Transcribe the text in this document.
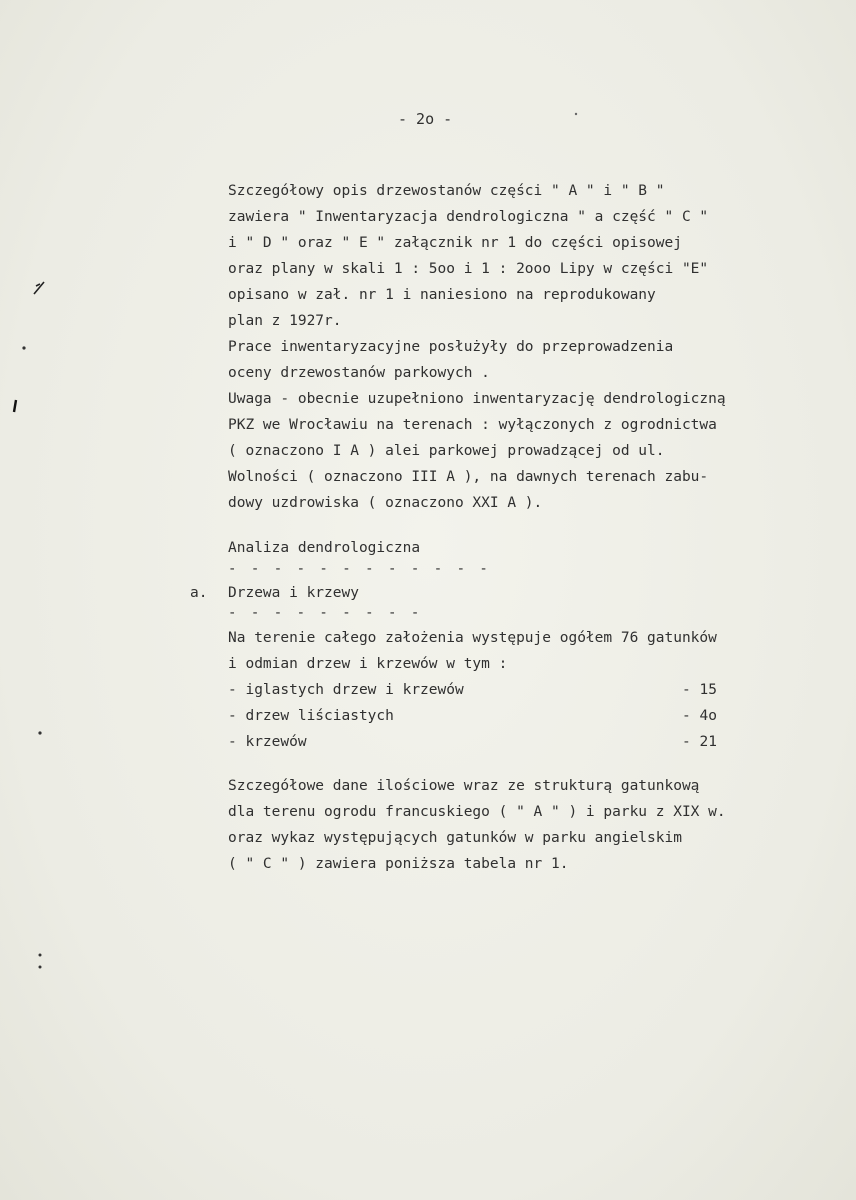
- 2o -
Szczegółowy opis drzewostanów części " A " i " B "
zawiera " Inwentaryzacja dendrologiczna " a część " C "
i " D " oraz " E " załącznik nr 1 do części opisowej
oraz plany w skali 1 : 5oo i 1 : 2ooo Lipy w części "E"
opisano w zał. nr 1 i naniesiono na reprodukowany
plan z 1927r.
Prace inwentaryzacyjne posłużyły do przeprowadzenia
oceny drzewostanów parkowych .
Uwaga - obecnie uzupełniono inwentaryzację dendrologiczną
PKZ we Wrocławiu na terenach : wyłączonych z ogrodnictwa
( oznaczono I A ) alei parkowej prowadzącej od ul.
Wolności ( oznaczono III A ), na dawnych terenach zabu-
dowy uzdrowiska ( oznaczono XXI A ).
Analiza dendrologiczna
- - - - - - - - - - - -
a. Drzewa i krzewy
- - - - - - - - -
Na terenie całego założenia występuje ogółem 76 gatunków
i odmian drzew i krzewów w tym :
- iglastych drzew i krzewów	- 15
- drzew liściastych	- 4o
- krzewów	- 21
Szczegółowe dane ilościowe wraz ze strukturą gatunkową
dla terenu ogrodu francuskiego ( " A " ) i parku z XIX w.
oraz wykaz występujących gatunków w parku angielskim
( " C " ) zawiera poniższa tabela nr 1.
